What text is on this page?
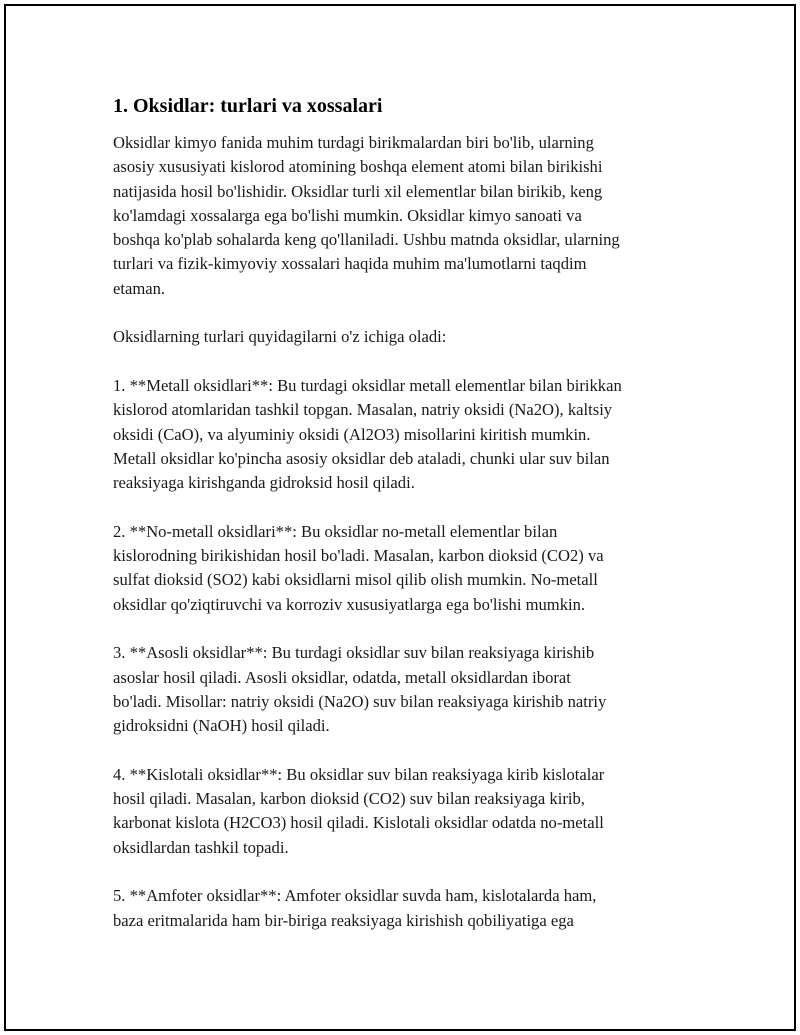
1. Oksidlar: turlari va xossalari

Oksidlar kimyo fanida muhim turdagi birikmalardan biri bo'lib, ularning
asosiy xususiyati kislorod atomining boshqa element atomi bilan birikishi
natijasida hosil bo'lishidir. Oksidlar turli xil elementlar bilan birikib, keng
ko'lamdagi xossalarga ega bo'lishi mumkin. Oksidlar kimyo sanoati va
boshqa ko'plab sohalarda keng qo'llaniladi. Ushbu matnda oksidlar, ularning
turlari va fizik-kimyoviy xossalari haqida muhim ma'lumotlarni taqdim
etaman.

Oksidlarning turlari quyidagilarni o'z ichiga oladi:

1. **Metall oksidlari**: Bu turdagi oksidlar metall elementlar bilan birikkan
kislorod atomlaridan tashkil topgan. Masalan, natriy oksidi (Na2O), kaltsiy
oksidi (CaO), va alyuminiy oksidi (Al2O3) misollarini kiritish mumkin.
Metall oksidlar ko'pincha asosiy oksidlar deb ataladi, chunki ular suv bilan
reaksiyaga kirishganda gidroksid hosil qiladi.

2. **No-metall oksidlari**: Bu oksidlar no-metall elementlar bilan
kislorodning birikishidan hosil bo'ladi. Masalan, karbon dioksid (CO2) va
sulfat dioksid (SO2) kabi oksidlarni misol qilib olish mumkin. No-metall
oksidlar qo'ziqtiruvchi va korroziv xususiyatlarga ega bo'lishi mumkin.

3. **Asosli oksidlar**: Bu turdagi oksidlar suv bilan reaksiyaga kirishib
asoslar hosil qiladi. Asosli oksidlar, odatda, metall oksidlardan iborat
bo'ladi. Misollar: natriy oksidi (Na2O) suv bilan reaksiyaga kirishib natriy
gidroksidni (NaOH) hosil qiladi.

4. **Kislotali oksidlar**: Bu oksidlar suv bilan reaksiyaga kirib kislotalar
hosil qiladi. Masalan, karbon dioksid (CO2) suv bilan reaksiyaga kirib,
karbonat kislota (H2CO3) hosil qiladi. Kislotali oksidlar odatda no-metall
oksidlardan tashkil topadi.

5. **Amfoter oksidlar**: Amfoter oksidlar suvda ham, kislotalarda ham,
baza eritmalarida ham bir-biriga reaksiyaga kirishish qobiliyatiga ega
